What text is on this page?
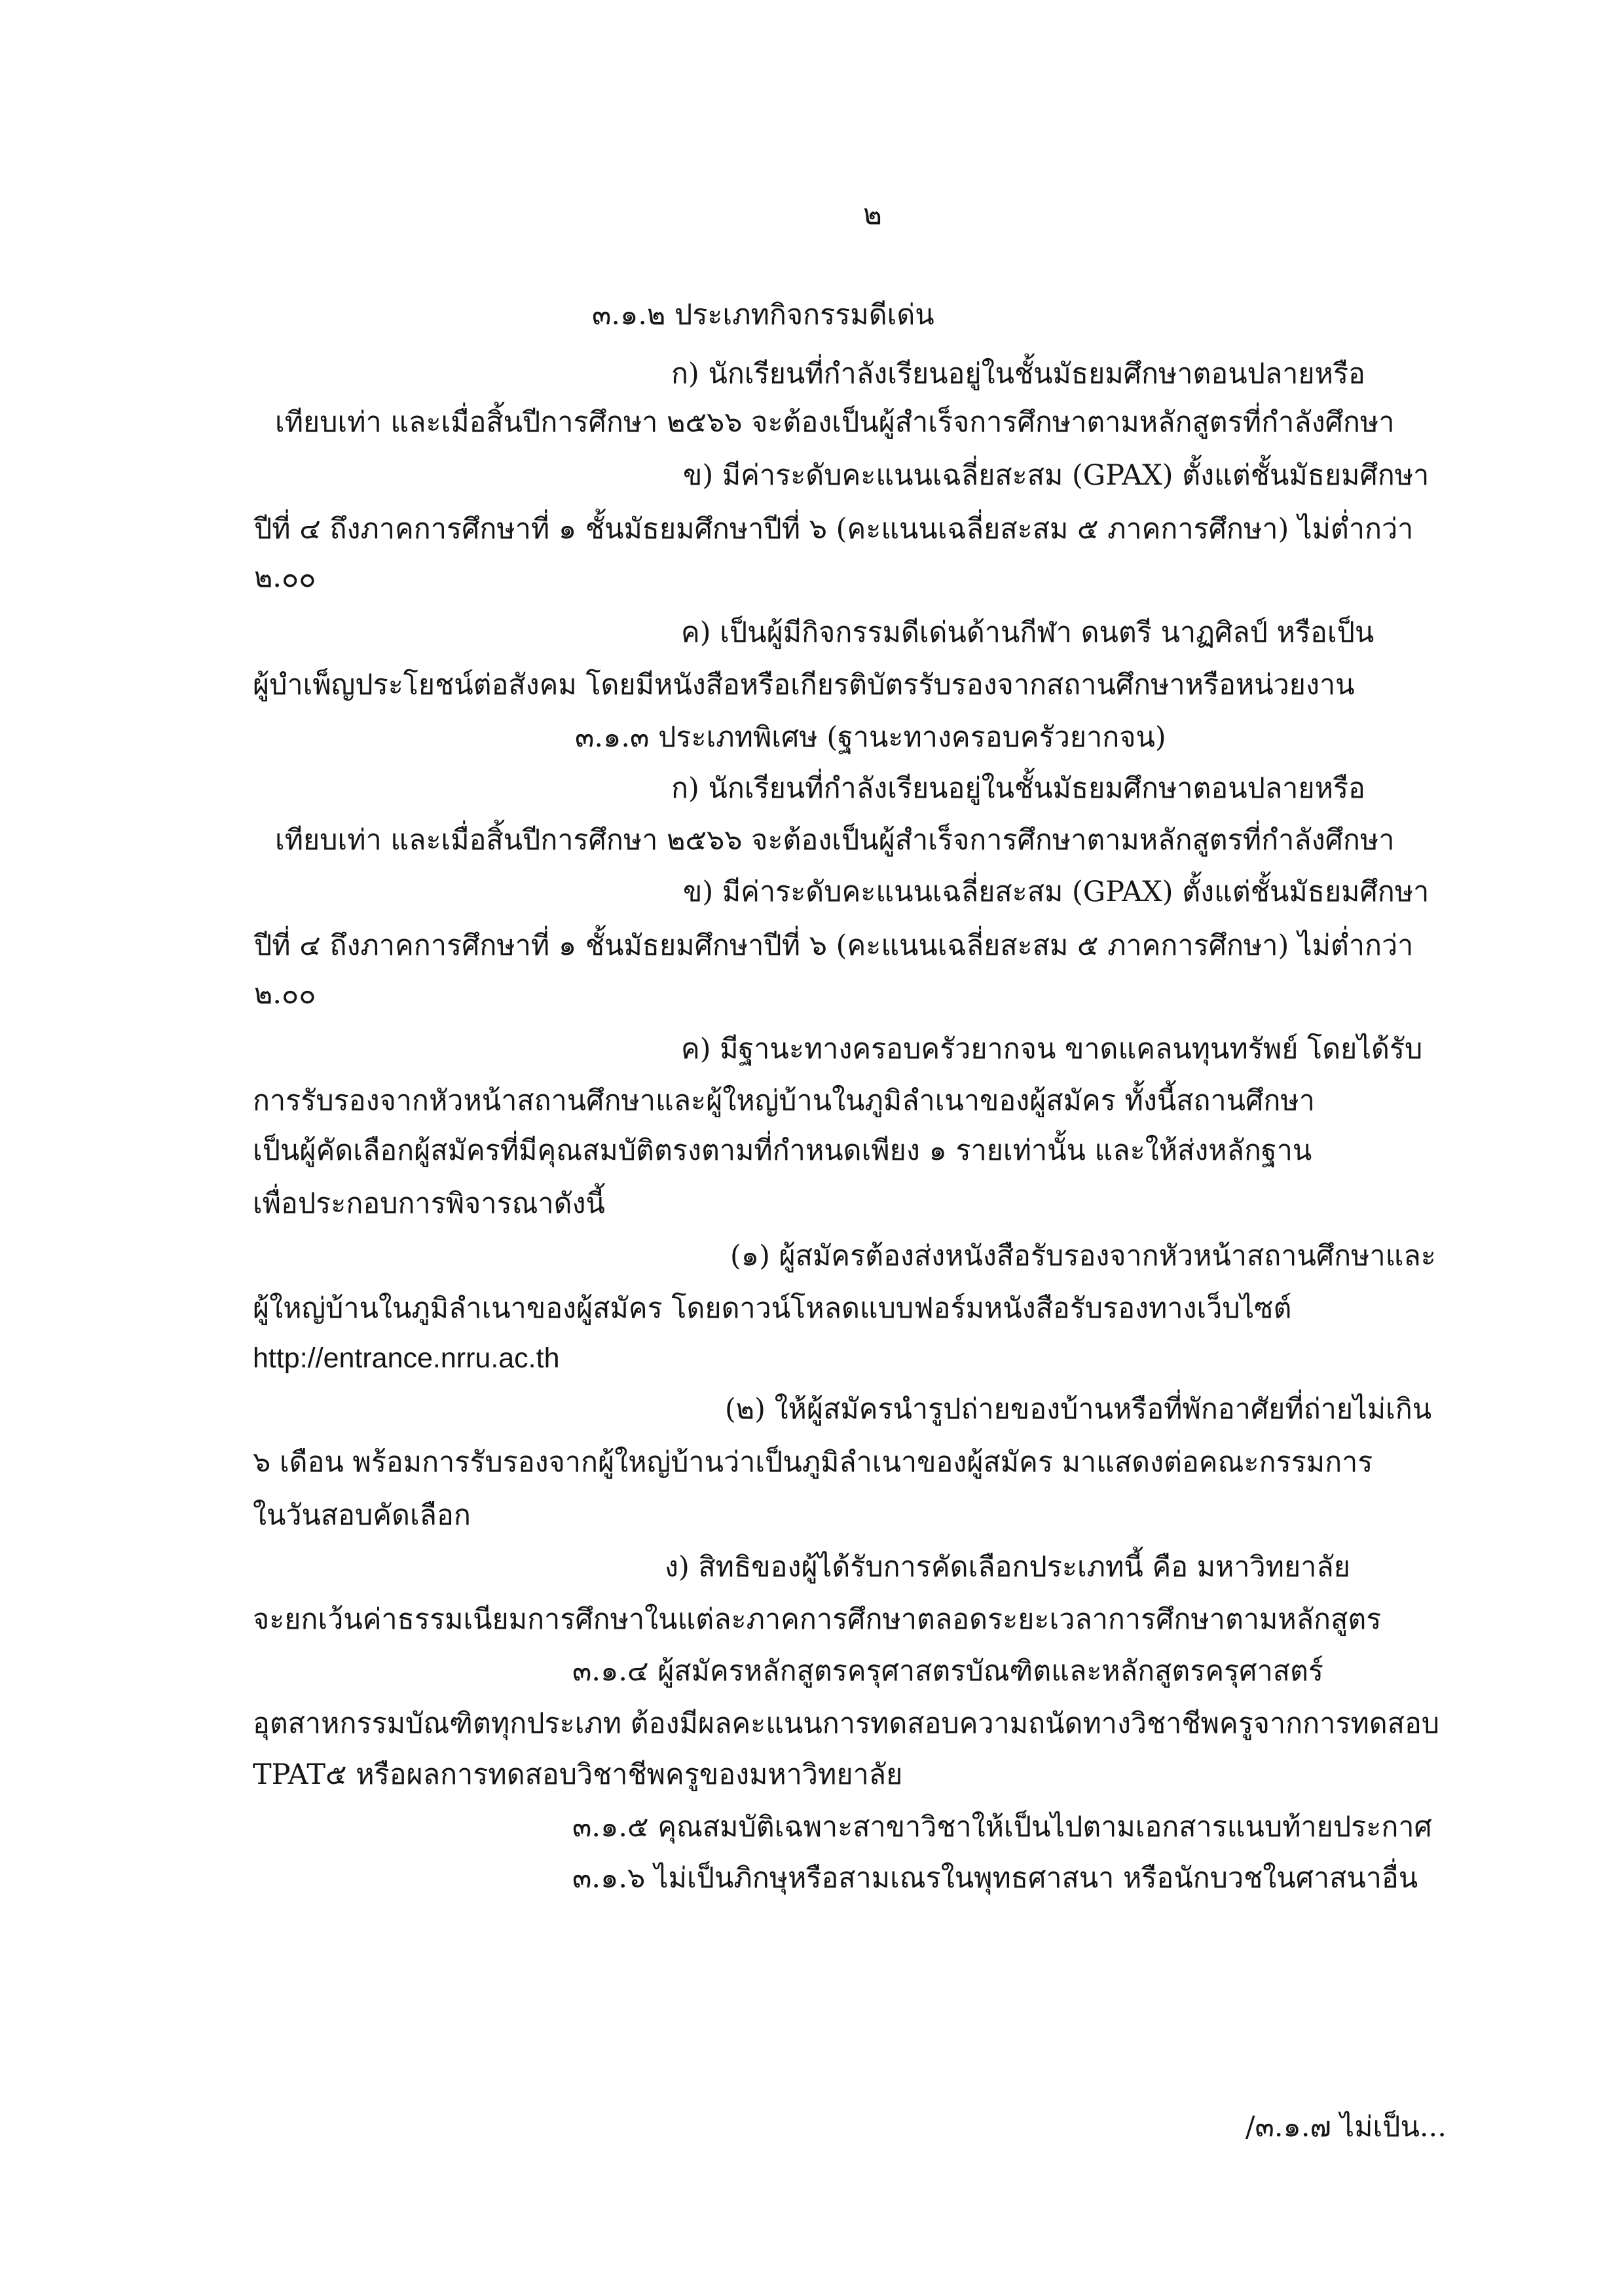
๒

๓.๑.๒ ประเภทกิจกรรมดีเด่น

ก) นักเรียนที่กำลังเรียนอยู่ในชั้นมัธยมศึกษาตอนปลายหรือ

เทียบเท่า และเมื่อสิ้นปีการศึกษา ๒๕๖๖ จะต้องเป็นผู้สำเร็จการศึกษาตามหลักสูตรที่กำลังศึกษา

ข) มีค่าระดับคะแนนเฉลี่ยสะสม (GPAX) ตั้งแต่ชั้นมัธยมศึกษา

ปีที่ ๔ ถึงภาคการศึกษาที่ ๑ ชั้นมัธยมศึกษาปีที่ ๖ (คะแนนเฉลี่ยสะสม ๕ ภาคการศึกษา) ไม่ต่ำกว่า

๒.๐๐

ค) เป็นผู้มีกิจกรรมดีเด่นด้านกีฬา ดนตรี นาฏศิลป์ หรือเป็น

ผู้บำเพ็ญประโยชน์ต่อสังคม โดยมีหนังสือหรือเกียรติบัตรรับรองจากสถานศึกษาหรือหน่วยงาน

๓.๑.๓ ประเภทพิเศษ (ฐานะทางครอบครัวยากจน)

ก) นักเรียนที่กำลังเรียนอยู่ในชั้นมัธยมศึกษาตอนปลายหรือ

เทียบเท่า และเมื่อสิ้นปีการศึกษา ๒๕๖๖ จะต้องเป็นผู้สำเร็จการศึกษาตามหลักสูตรที่กำลังศึกษา

ข) มีค่าระดับคะแนนเฉลี่ยสะสม (GPAX) ตั้งแต่ชั้นมัธยมศึกษา

ปีที่ ๔ ถึงภาคการศึกษาที่ ๑ ชั้นมัธยมศึกษาปีที่ ๖ (คะแนนเฉลี่ยสะสม ๕ ภาคการศึกษา) ไม่ต่ำกว่า

๒.๐๐

ค) มีฐานะทางครอบครัวยากจน ขาดแคลนทุนทรัพย์ โดยได้รับ

การรับรองจากหัวหน้าสถานศึกษาและผู้ใหญ่บ้านในภูมิลำเนาของผู้สมัคร ทั้งนี้สถานศึกษา

เป็นผู้คัดเลือกผู้สมัครที่มีคุณสมบัติตรงตามที่กำหนดเพียง ๑ รายเท่านั้น และให้ส่งหลักฐาน

เพื่อประกอบการพิจารณาดังนี้

(๑) ผู้สมัครต้องส่งหนังสือรับรองจากหัวหน้าสถานศึกษาและ

ผู้ใหญ่บ้านในภูมิลำเนาของผู้สมัคร โดยดาวน์โหลดแบบฟอร์มหนังสือรับรองทางเว็บไซต์

http://entrance.nrru.ac.th

(๒) ให้ผู้สมัครนำรูปถ่ายของบ้านหรือที่พักอาศัยที่ถ่ายไม่เกิน

๖ เดือน พร้อมการรับรองจากผู้ใหญ่บ้านว่าเป็นภูมิลำเนาของผู้สมัคร มาแสดงต่อคณะกรรมการ

ในวันสอบคัดเลือก

ง) สิทธิของผู้ได้รับการคัดเลือกประเภทนี้ คือ มหาวิทยาลัย

จะยกเว้นค่าธรรมเนียมการศึกษาในแต่ละภาคการศึกษาตลอดระยะเวลาการศึกษาตามหลักสูตร

๓.๑.๔ ผู้สมัครหลักสูตรครุศาสตรบัณฑิตและหลักสูตรครุศาสตร์

อุตสาหกรรมบัณฑิตทุกประเภท ต้องมีผลคะแนนการทดสอบความถนัดทางวิชาชีพครูจากการทดสอบ

TPAT๕ หรือผลการทดสอบวิชาชีพครูของมหาวิทยาลัย

๓.๑.๕ คุณสมบัติเฉพาะสาขาวิชาให้เป็นไปตามเอกสารแนบท้ายประกาศ

๓.๑.๖ ไม่เป็นภิกษุหรือสามเณรในพุทธศาสนา หรือนักบวชในศาสนาอื่น

/๓.๑.๗ ไม่เป็น...
